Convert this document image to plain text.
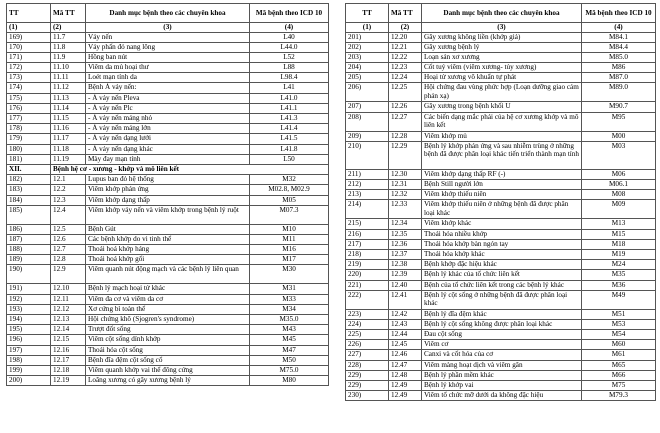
TT	Mã TT	Danh mục bệnh theo các chuyên khoa	Mã bệnh theo ICD 10
(1)	(2)	(3)	(4)
169)	11.7	Vảy nến	L40
170)	11.8	Vảy phấn đỏ nang lông	L44.0
171)	11.9	Hồng ban nút	L52
172)	11.10	Viêm da mủ hoại thư	L88
173)	11.11	Loét mạn tính da	L98.4
174)	11.12	Bệnh Á vảy nến:	L41
175)	11.13	- Á vảy nến Pleva	L41.0
176)	11.14	- Á vảy nến Plc	L41.1
177)	11.15	- Á vảy nến mảng nhỏ	L41.3
178)	11.16	- Á vảy nến mảng lớn	L41.4
179)	11.17	- Á vảy nến dạng lưới	L41.5
180)	11.18	- Á vảy nến dạng khác	L41.8
181)	11.19	Mày đay mạn tính	L50
XII.	Bệnh hệ cơ - xương - khớp và mô liên kết		
182)	12.1	Lupus ban đỏ hệ thống	M32
183)	12.2	Viêm khớp phản ứng	M02.8, M02.9
184)	12.3	Viêm khớp dạng thấp	M05
185)	12.4	Viêm khớp vảy nến và viêm khớp trong bệnh lý ruột	M07.3
186)	12.5	Bệnh Gút	M10
187)	12.6	Các bệnh khớp do vi tinh thể	M11
188)	12.7	Thoái hoá khớp háng	M16
189)	12.8	Thoái hoá khớp gối	M17
190)	12.9	Viêm quanh nút động mạch và các bệnh lý liên quan	M30
191)	12.10	Bệnh lý mạch hoại tử khác	M31
192)	12.11	Viêm đa cơ và viêm da cơ	M33
193)	12.12	Xơ cứng bì toàn thể	M34
194)	12.13	Hội chứng khô (Sjogren's syndrome)	M35.0
195)	12.14	Trượt đốt sống	M43
196)	12.15	Viêm cột sống dính khớp	M45
197)	12.16	Thoái hóa cột sống	M47
198)	12.17	Bệnh đĩa đệm cột sống cổ	M50
199)	12.18	Viêm quanh khớp vai thể đông cứng	M75.0
200)	12.19	Loãng xương có gãy xương bệnh lý	M80
TT	Mã TT	Danh mục bệnh theo các chuyên khoa	Mã bệnh theo ICD 10
(1)	(2)	(3)	(4)
201)	12.20	Gãy xương không liền (khớp giả)	M84.1
202)	12.21	Gãy xương bệnh lý	M84.4
203)	12.22	Loạn sản xơ xương	M85.0
204)	12.23	Cốt tuỷ viêm (viêm xương- tủy xương)	M86
205)	12.24	Hoại tử xương vô khuẩn tự phát	M87.0
206)	12.25	Hội chứng đau vùng phức hợp (Loạn dưỡng giao cảm phản xạ)	M89.0
207)	12.26	Gãy xương trong bệnh khối U	M90.7
208)	12.27	Các biến dạng mắc phải của hệ cơ xương khớp và mô liên kết	M95
209)	12.28	Viêm khớp mủ	M00
210)	12.29	Bệnh lý khớp phản ứng và sau nhiễm trùng ở những bệnh đã được phân loại khác tiến triển thành mạn tính	M03
211)	12.30	Viêm khớp dạng thấp RF (-)	M06
212)	12.31	Bệnh Still người lớn	M06.1
213)	12.32	Viêm khớp thiếu niên	M08
214)	12.33	Viêm khớp thiếu niên ở những bệnh đã được phân loại khác	M09
215)	12.34	Viêm khớp khác	M13
216)	12.35	Thoái hóa nhiều khớp	M15
217)	12.36	Thoái hóa khớp bàn ngón tay	M18
218)	12.37	Thoái hóa khớp khác	M19
219)	12.38	Bệnh khớp đặc hiệu khác	M24
220)	12.39	Bệnh lý khác của tổ chức liên kết	M35
221)	12.40	Bệnh của tổ chức liên kết trong các bệnh lý khác	M36
222)	12.41	Bệnh lý cột sống ở những bệnh đã được phân loại khác	M49
223)	12.42	Bệnh lý đĩa đệm khác	M51
224)	12.43	Bệnh lý cột sống không được phân loại khác	M53
225)	12.44	Đau cột sống	M54
226)	12.45	Viêm cơ	M60
227)	12.46	Canxi và cốt hóa của cơ	M61
228)	12.47	Viêm màng hoạt dịch và viêm gân	M65
229)	12.48	Bệnh lý phần mềm khác	M66
229)	12.49	Bệnh lý khớp vai	M75
230)	12.49	Viêm tổ chức mỡ dưới da không đặc hiệu	M79.3
